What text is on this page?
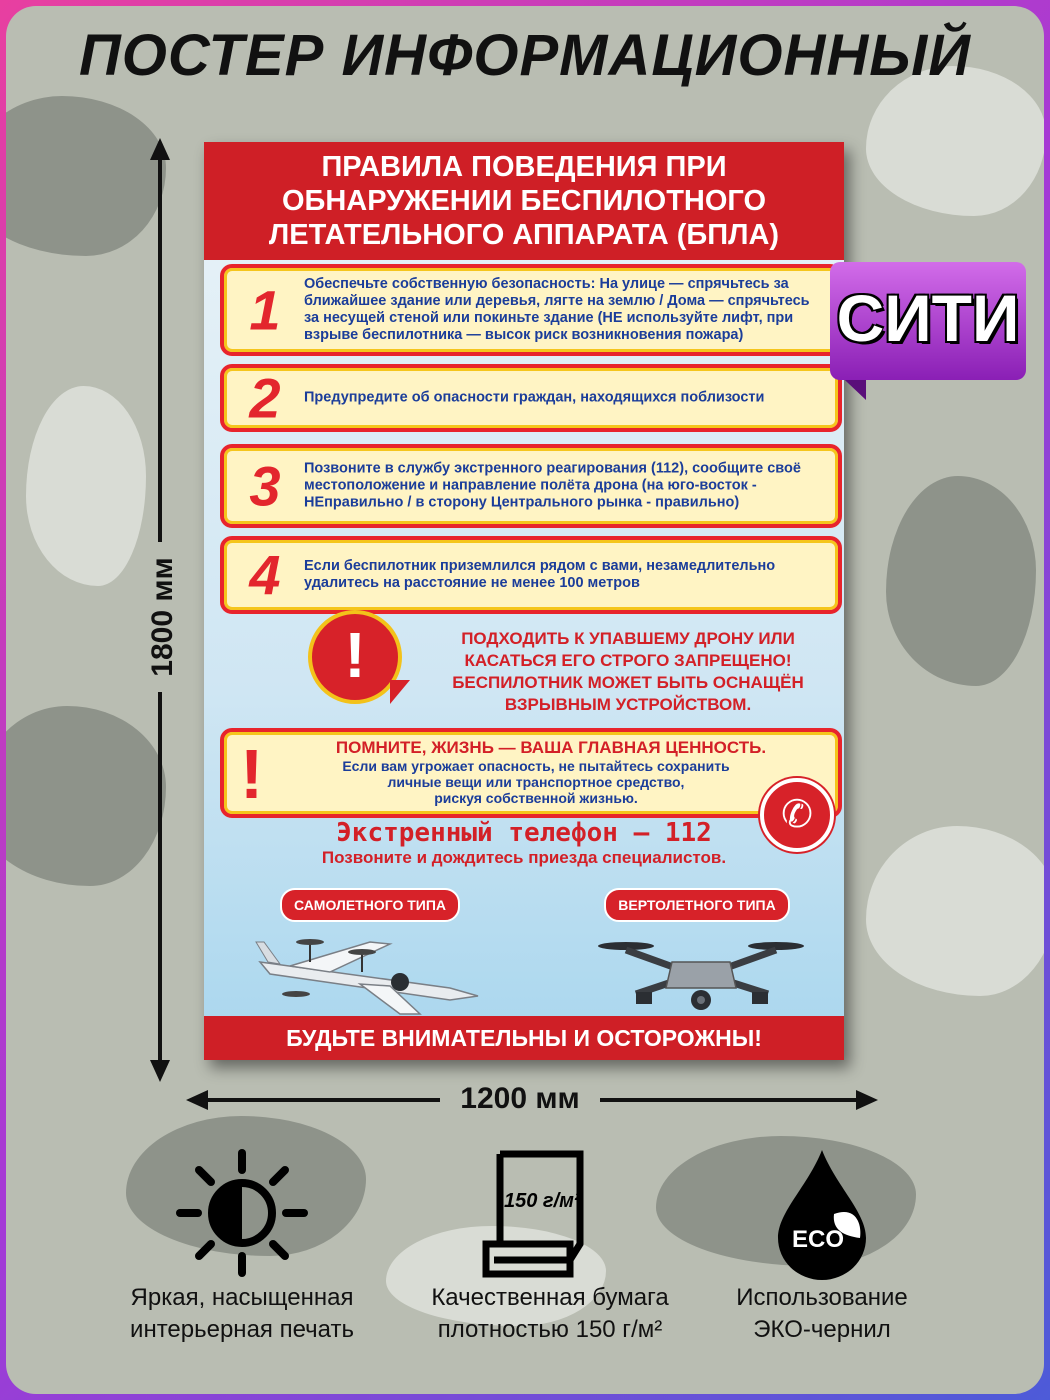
ПОСТЕР ИНФОРМАЦИОННЫЙ
1800 мм
1200 мм
ПРАВИЛА ПОВЕДЕНИЯ ПРИ
ОБНАРУЖЕНИИ БЕСПИЛОТНОГО
ЛЕТАТЕЛЬНОГО АППАРАТА (БПЛА)
1	Обеспечьте собственную безопасность: На улице — спрячьтесь за ближайшее здание или деревья, лягте на землю / Дома — спрячьтесь за несущей стеной или покиньте здание (НЕ используйте лифт, при взрыве беспилотника — высок риск возникновения пожара)
2	Предупредите об опасности граждан, находящихся поблизости
3	Позвоните в службу экстренного реагирования (112), сообщите своё местоположение и направление полёта дрона (на юго-восток - НЕправильно / в сторону Центрального рынка - правильно)
4	Если беспилотник приземлился рядом с вами, незамедлительно удалитесь на расстояние не менее 100 метров
!	ПОДХОДИТЬ К УПАВШЕМУ ДРОНУ ИЛИ
КАСАТЬСЯ ЕГО СТРОГО ЗАПРЕЩЕНО!
БЕСПИЛОТНИК МОЖЕТ БЫТЬ ОСНАЩЁН
ВЗРЫВНЫМ УСТРОЙСТВОМ.
!	ПОМНИТЕ, ЖИЗНЬ — ВАША ГЛАВНАЯ ЦЕННОСТЬ.
Если вам угрожает опасность, не пытайтесь сохранить
личные вещи или транспортное средство,
рискуя собственной жизнью.	✆
Экстренный телефон – 112
Позвоните и дождитесь приезда специалистов.
САМОЛЕТНОГО ТИПА	ВЕРТОЛЕТНОГО ТИПА
БУДЬТЕ ВНИМАТЕЛЬНЫ И ОСТОРОЖНЫ!
СИТИ
Яркая, насыщенная
интерьерная печать
150 г/м²
Качественная бумага
плотностью 150 г/м²
ECO
Использование
ЭКО-чернил
